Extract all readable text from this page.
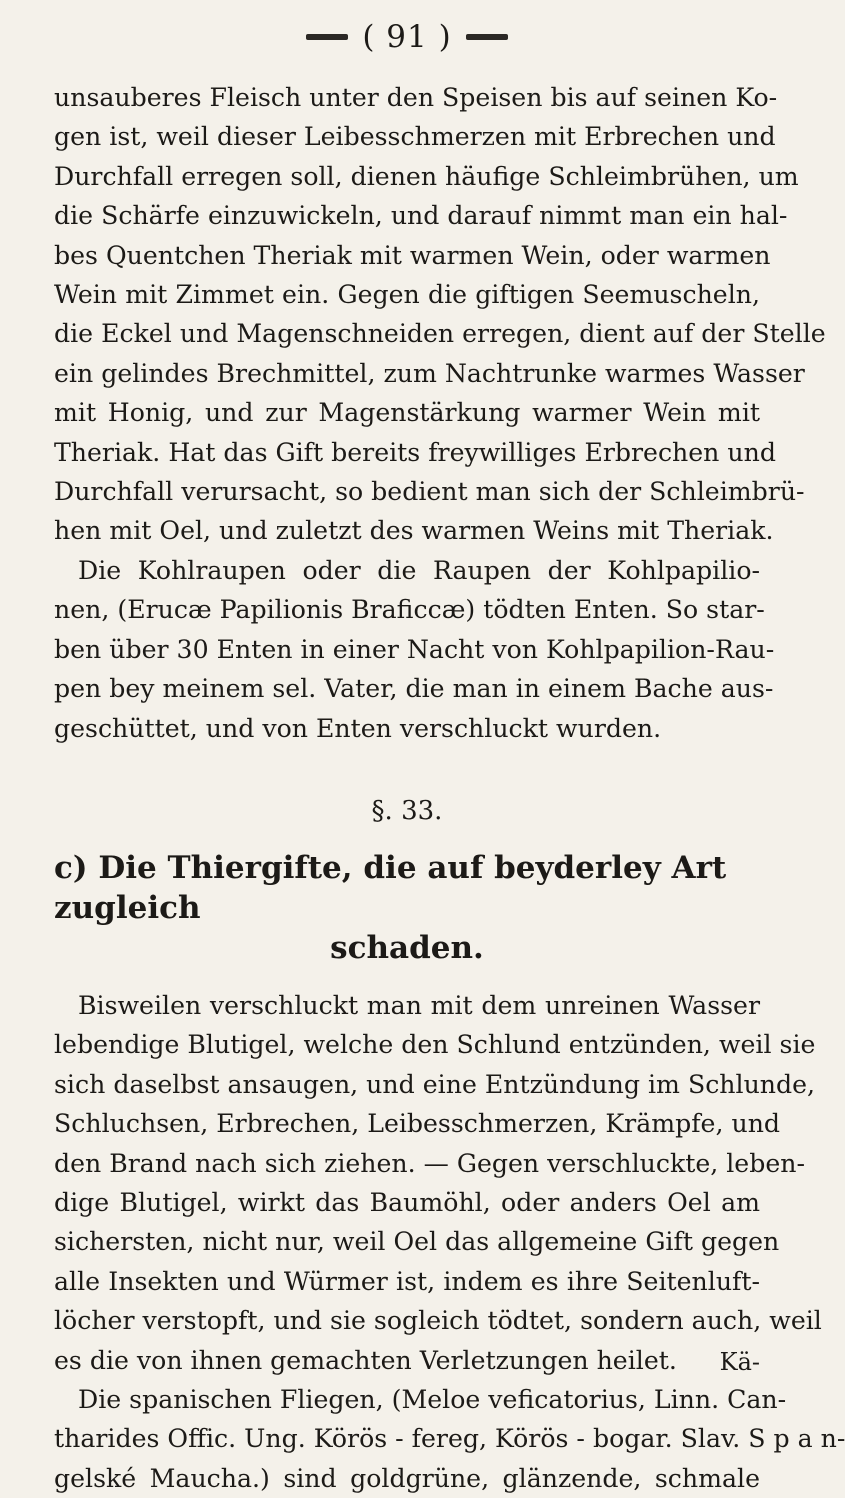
( 91 )
unsauberes Fleisch unter den Speisen bis auf seinen Ko-
gen ist, weil dieser Leibesschmerzen mit Erbrechen und
Durchfall erregen soll, dienen häufige Schleimbrühen, um
die Schärfe einzuwickeln, und darauf nimmt man ein hal-
bes Quentchen Theriak mit warmen Wein, oder warmen
Wein mit Zimmet ein. Gegen die giftigen Seemuscheln,
die Eckel und Magenschneiden erregen, dient auf der Stelle
ein gelindes Brechmittel, zum Nachtrunke warmes Wasser
mit Honig, und zur Magenstärkung warmer Wein mit
Theriak. Hat das Gift bereits freywilliges Erbrechen und
Durchfall verursacht, so bedient man sich der Schleimbrü-
hen mit Oel, und zuletzt des warmen Weins mit Theriak.
Die Kohlraupen oder die Raupen der Kohlpapilio-
nen, (Erucæ Papilionis Braficcæ) tödten Enten. So star-
ben über 30 Enten in einer Nacht von Kohlpapilion-Rau-
pen bey meinem sel. Vater, die man in einem Bache aus-
geschüttet, und von Enten verschluckt wurden.
§. 33.
c) Die Thiergifte, die auf beyderley Art zugleich
schaden.
Bisweilen verschluckt man mit dem unreinen Wasser
lebendige Blutigel, welche den Schlund entzünden, weil sie
sich daselbst ansaugen, und eine Entzündung im Schlunde,
Schluchsen, Erbrechen, Leibesschmerzen, Krämpfe, und
den Brand nach sich ziehen. — Gegen verschluckte, leben-
dige Blutigel, wirkt das Baumöhl, oder anders Oel am
sichersten, nicht nur, weil Oel das allgemeine Gift gegen
alle Insekten und Würmer ist, indem es ihre Seitenluft-
löcher verstopft, und sie sogleich tödtet, sondern auch, weil
es die von ihnen gemachten Verletzungen heilet.
Die spanischen Fliegen, (Meloe veficatorius, Linn. Can-
tharides Offic. Ung. Körös - fereg, Körös - bogar. Slav. S p a n-
gelské Maucha.) sind goldgrüne, glänzende, schmale
Kä-
